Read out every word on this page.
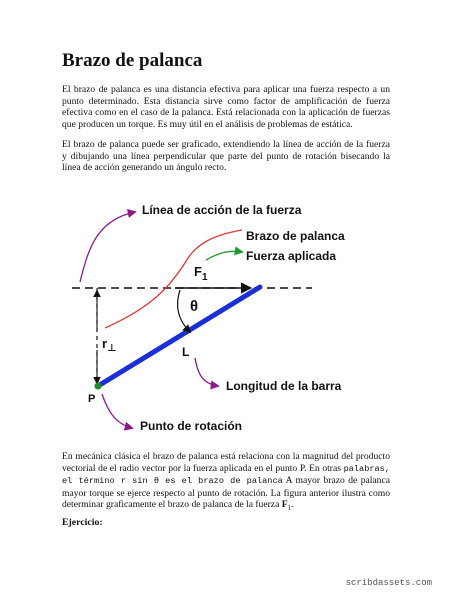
Brazo de palanca

El brazo de palanca es una distancia efectiva para aplicar una fuerza respecto a un punto determinado. Esta distancia sirve como factor de amplificación de fuerza efectiva como en el caso de la palanca. Está relacionada con la aplicación de fuerzas que producen un torque. Es muy útil en el análisis de problemas de estática.

El brazo de palanca puede ser graficado, extendiendo la línea de acción de la fuerza y dibujando una línea perpendicular que parte del punto de rotación bisecando la línea de acción generando un ángulo recto.

Línea de acción de la fuerza
Brazo de palanca
Fuerza aplicada
$F_1$
θ
$r_\perp$	L
Longitud de la barra
P
Punto de rotación

En mecánica clásica el brazo de palanca está relaciona con la magnitud del producto vectorial de el radio vector por la fuerza aplicada en el punto P. En otras palabras, el término r sin θ es el brazo de palanca A mayor brazo de palanca mayor torque se ejerce respecto al punto de rotación. La figura anterior ilustra como determinar graficamente el brazo de palanca de la fuerza $F_1$.

Ejercicio:

scribdassets.com
